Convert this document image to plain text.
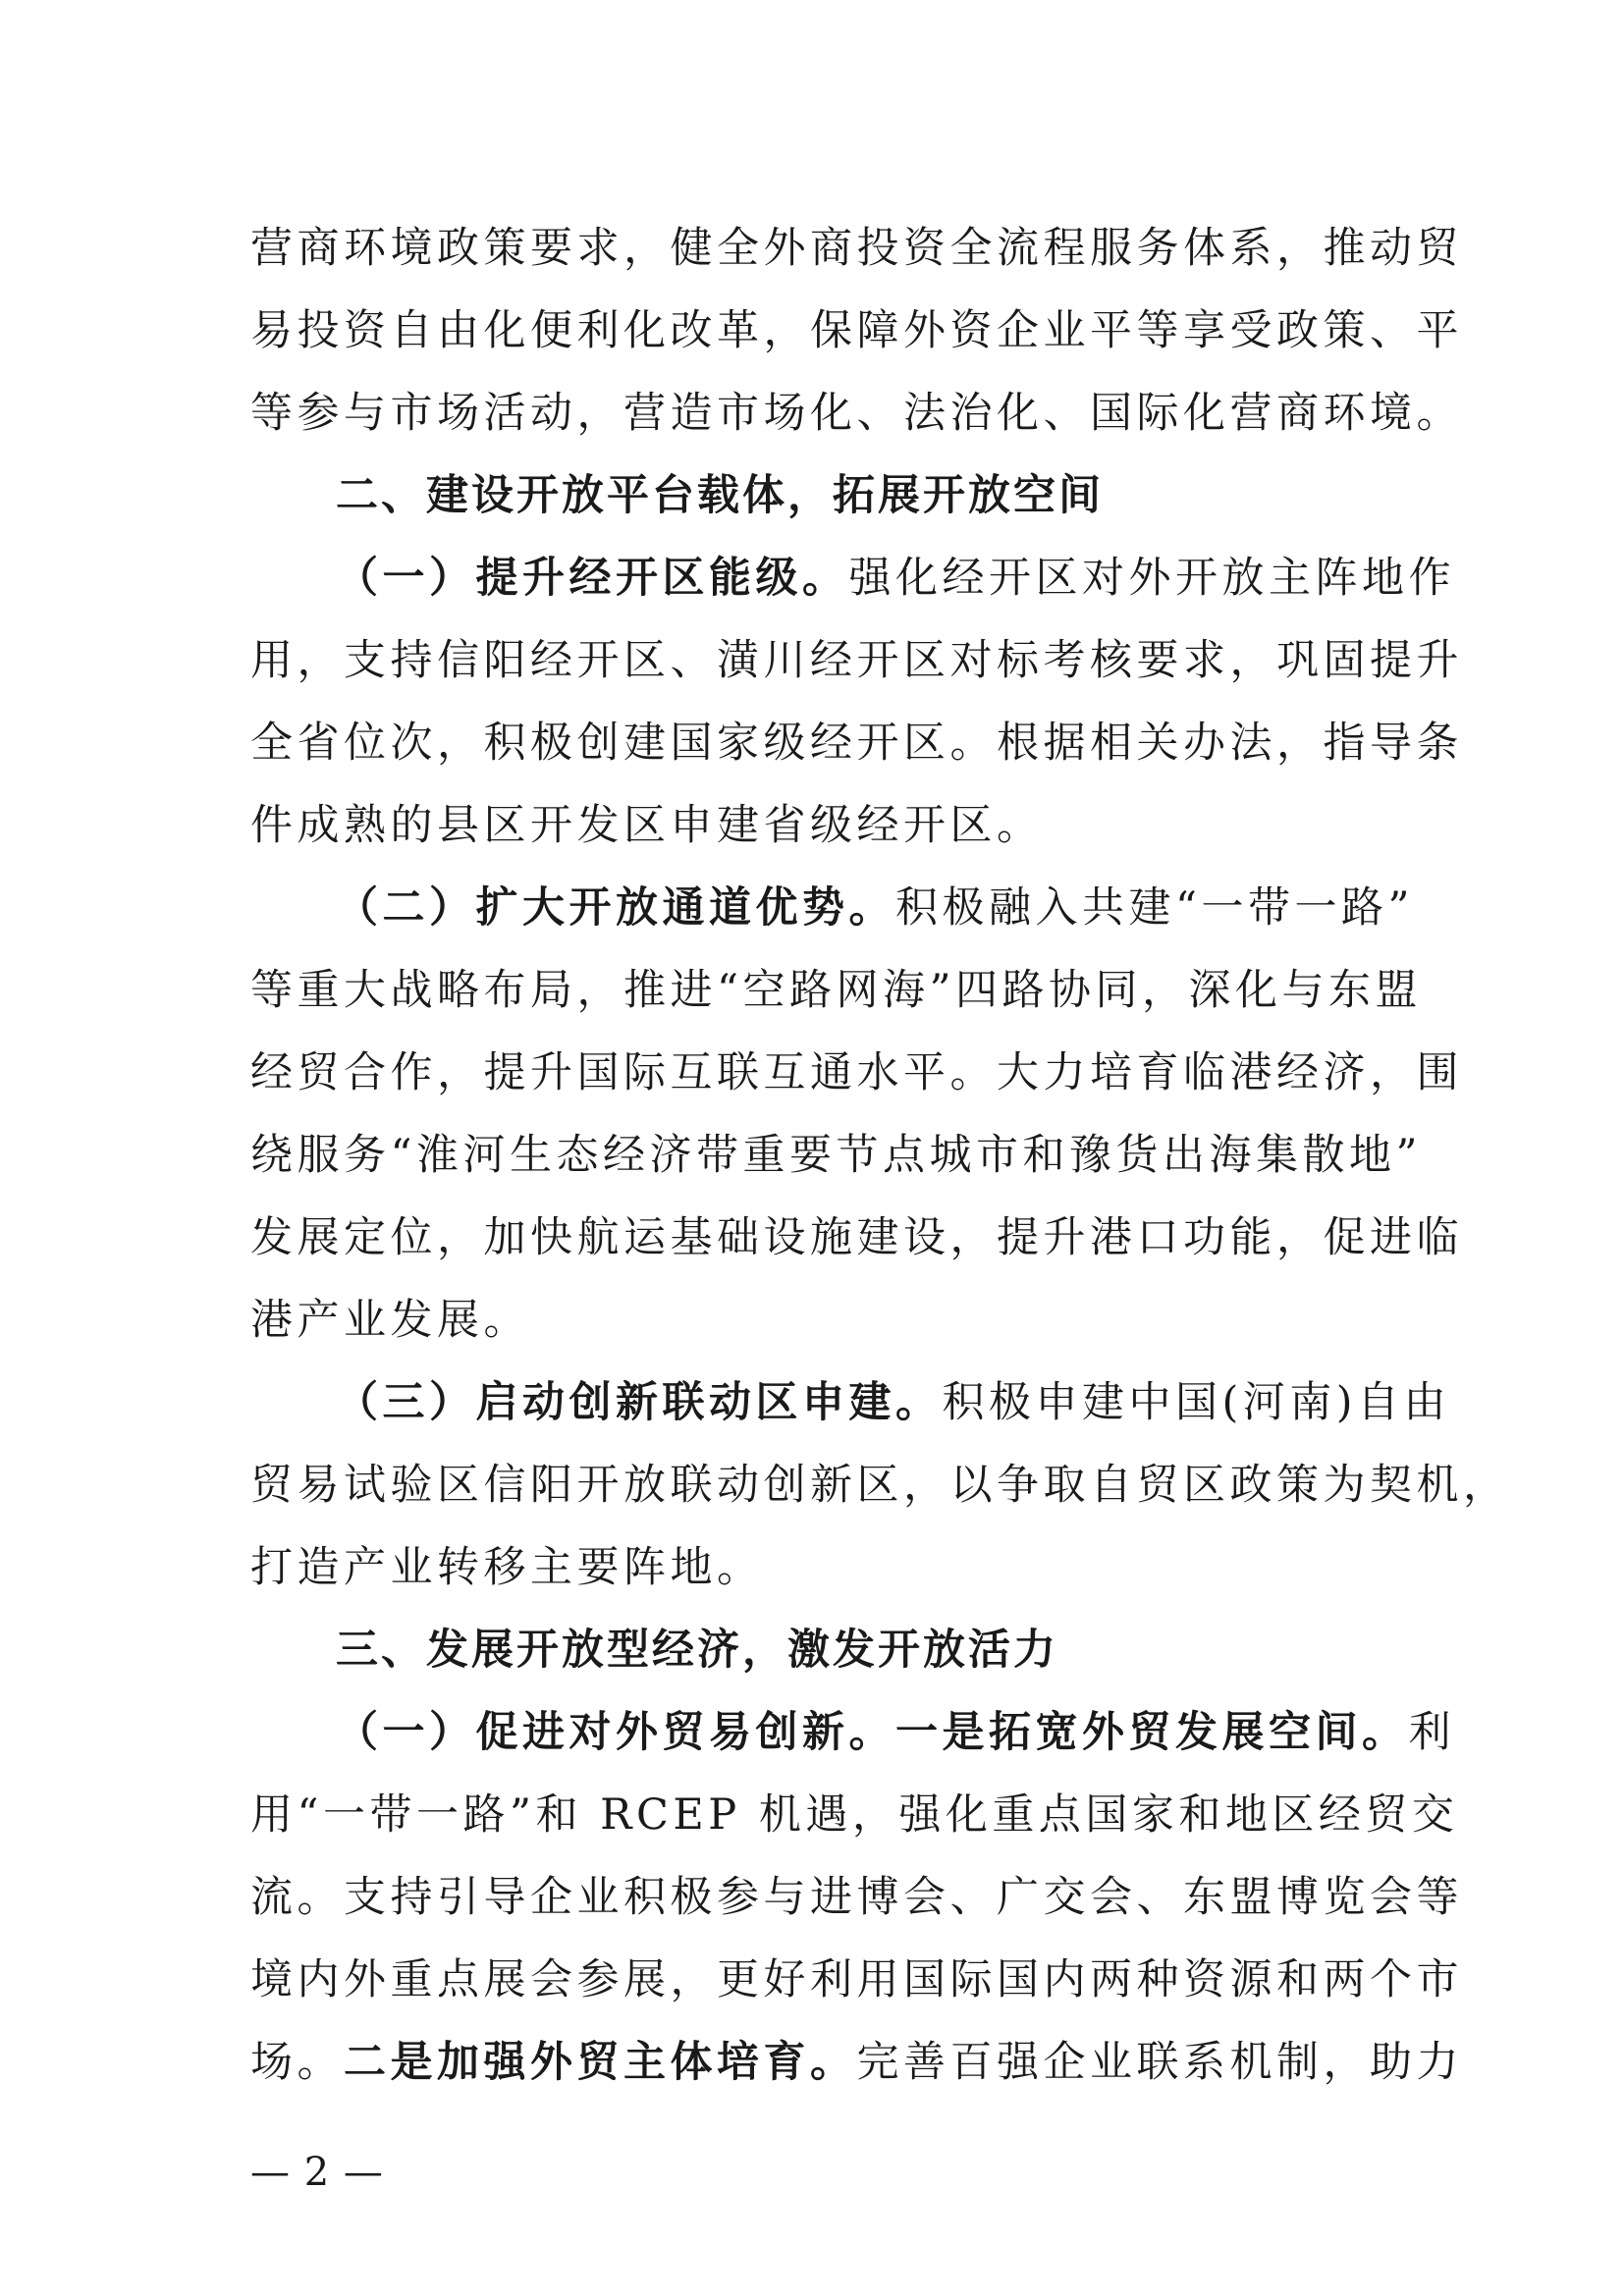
营商环境政策要求，健全外商投资全流程服务体系，推动贸
易投资自由化便利化改革，保障外资企业平等享受政策、平
等参与市场活动，营造市场化、法治化、国际化营商环境。
二、建设开放平台载体，拓展开放空间
（一）提升经开区能级。强化经开区对外开放主阵地作
用，支持信阳经开区、潢川经开区对标考核要求，巩固提升
全省位次，积极创建国家级经开区。根据相关办法，指导条
件成熟的县区开发区申建省级经开区。
（二）扩大开放通道优势。积极融入共建“一带一路”
等重大战略布局，推进“空路网海”四路协同，深化与东盟
经贸合作，提升国际互联互通水平。大力培育临港经济，围
绕服务“淮河生态经济带重要节点城市和豫货出海集散地”
发展定位，加快航运基础设施建设，提升港口功能，促进临
港产业发展。
（三）启动创新联动区申建。积极申建中国(河南)自由
贸易试验区信阳开放联动创新区，以争取自贸区政策为契机，
打造产业转移主要阵地。
三、发展开放型经济，激发开放活力
（一）促进对外贸易创新。一是拓宽外贸发展空间。利
用“一带一路”和 RCEP 机遇，强化重点国家和地区经贸交
流。支持引导企业积极参与进博会、广交会、东盟博览会等
境内外重点展会参展，更好利用国际国内两种资源和两个市
场。二是加强外贸主体培育。完善百强企业联系机制，助力
— 2 —
